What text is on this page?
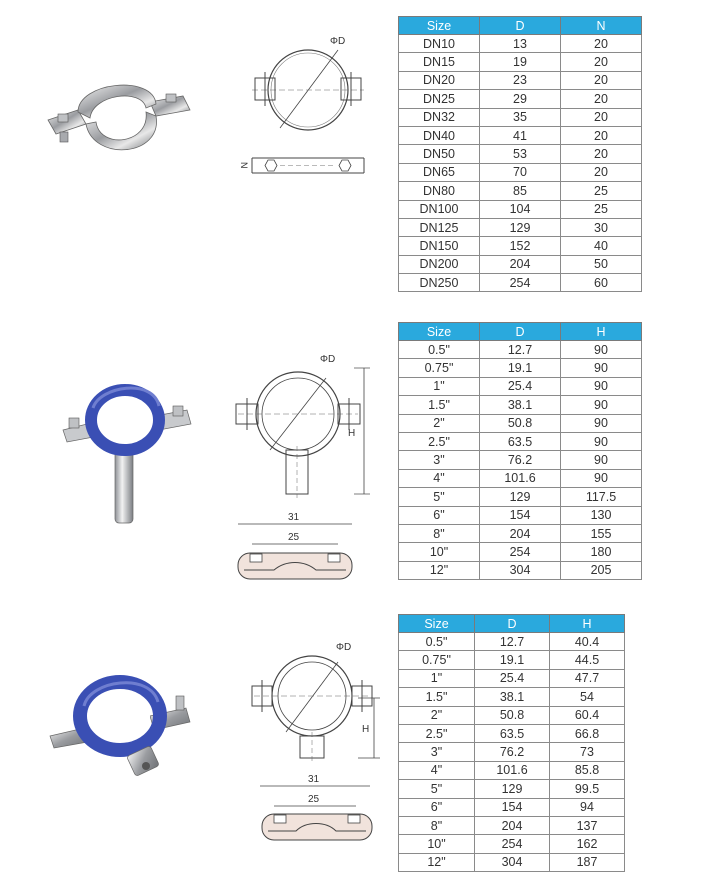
ΦD
N
Size	D	N
DN10	13	20
DN15	19	20
DN20	23	20
DN25	29	20
DN32	35	20
DN40	41	20
DN50	53	20
DN65	70	20
DN80	85	25
DN100	104	25
DN125	129	30
DN150	152	40
DN200	204	50
DN250	254	60
ΦD
H
31
25
Size	D	H
0.5"	12.7	90
0.75"	19.1	90
1"	25.4	90
1.5"	38.1	90
2"	50.8	90
2.5"	63.5	90
3"	76.2	90
4"	101.6	90
5"	129	117.5
6"	154	130
8"	204	155
10"	254	180
12"	304	205
ΦD
H
31
25
Size	D	H
0.5"	12.7	40.4
0.75"	19.1	44.5
1"	25.4	47.7
1.5"	38.1	54
2"	50.8	60.4
2.5"	63.5	66.8
3"	76.2	73
4"	101.6	85.8
5"	129	99.5
6"	154	94
8"	204	137
10"	254	162
12"	304	187
